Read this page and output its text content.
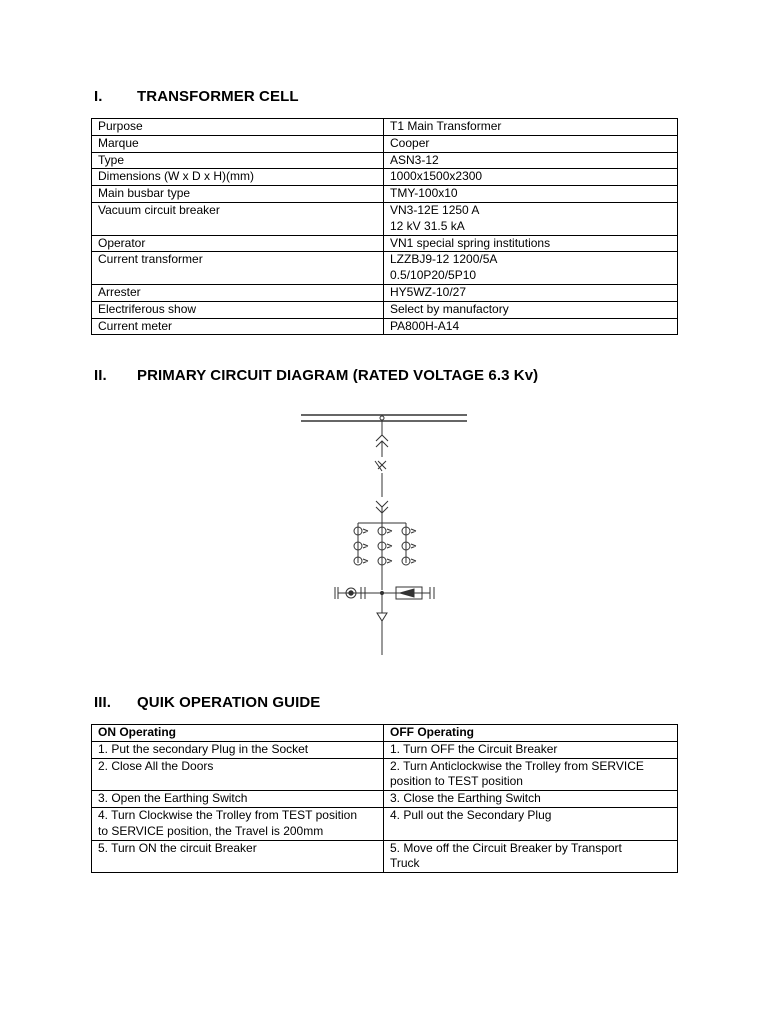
I. TRANSFORMER CELL
Purpose	T1 Main Transformer

Marque	Cooper

Type	ASN3-12

Dimensions (W x D x H)(mm)	1000x1500x2300

Main busbar type	TMY-100x10

Vacuum circuit breaker	VN3-12E 1250 A
12 kV 31.5 kA

Operator	VN1 special spring institutions

Current transformer	LZZBJ9-12 1200/5A
0.5/10P20/5P10

Arrester	HY5WZ-10/27

Electriferous show	Select by manufactory

Current meter	PA800H-A14
II. PRIMARY CIRCUIT DIAGRAM (RATED VOLTAGE 6.3 Kv)
III. QUIK OPERATION GUIDE
ON Operating	OFF Operating

1. Put the secondary Plug in the Socket	1. Turn OFF the Circuit Breaker

2. Close All the Doors	2. Turn Anticlockwise the Trolley from SERVICE
position to TEST position

3. Open the Earthing Switch	3. Close the Earthing Switch

4. Turn Clockwise the Trolley from TEST position
to SERVICE position, the Travel is 200mm	4. Pull out the Secondary Plug

5. Turn ON the circuit Breaker	5. Move off the Circuit Breaker by Transport
Truck
